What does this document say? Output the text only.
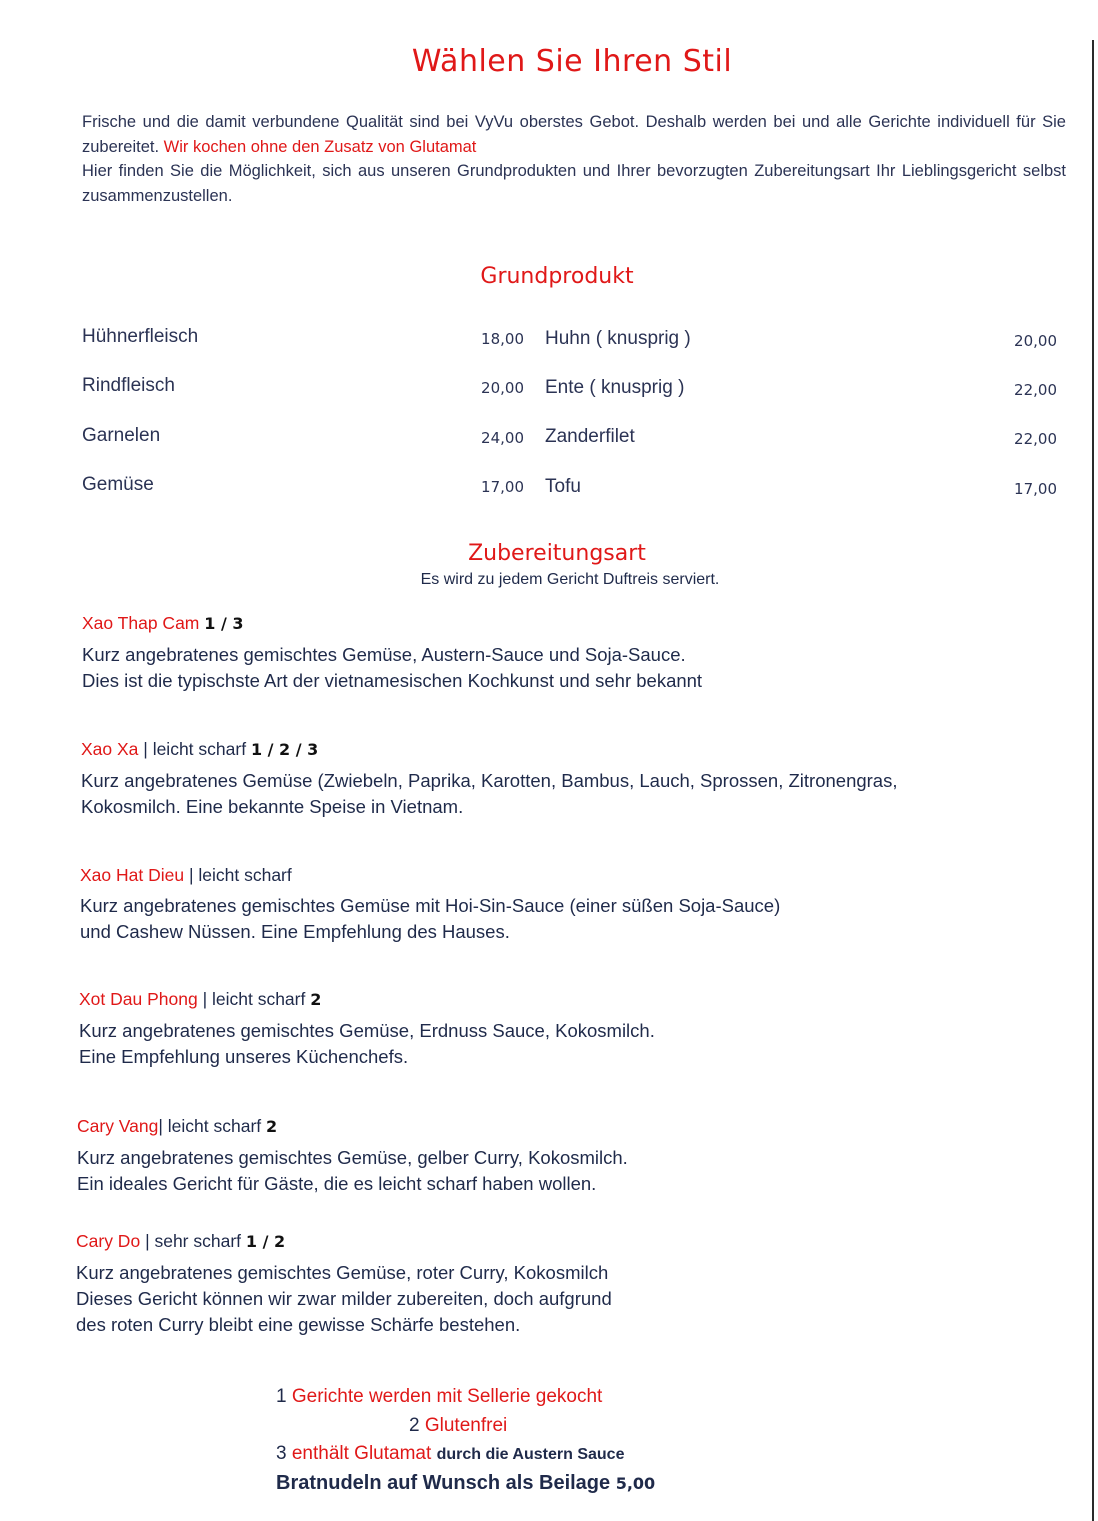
Wählen Sie Ihren Stil

Frische und die damit verbundene Qualität sind bei VyVu oberstes Gebot. Deshalb werden bei und alle Gerichte individuell für Sie zubereitet. Wir kochen ohne den Zusatz von Glutamat

Hier finden Sie die Möglichkeit, sich aus unseren Grundprodukten und Ihrer bevorzugten Zubereitungsart Ihr Lieblingsgericht selbst zusammenzustellen.

Grundprodukt
Hühnerfleisch	18,00
Rindfleisch	20,00
Garnelen	24,00
Gemüse	17,00
Huhn ( knusprig )	20,00
Ente ( knusprig )	22,00
Zanderfilet	22,00
Tofu	17,00
Zubereitungsart
Es wird zu jedem Gericht Duftreis serviert.
Xao Thap Cam 1 / 3
Kurz angebratenes gemischtes Gemüse, Austern-Sauce und Soja-Sauce.
Dies ist die typischste Art der vietnamesischen Kochkunst und sehr bekannt
Xao Xa | leicht scharf 1 / 2 / 3
Kurz angebratenes Gemüse (Zwiebeln, Paprika, Karotten, Bambus, Lauch, Sprossen, Zitronengras,
Kokosmilch. Eine bekannte Speise in Vietnam.
Xao Hat Dieu | leicht scharf
Kurz angebratenes gemischtes Gemüse mit Hoi-Sin-Sauce (einer süßen Soja-Sauce)
und Cashew Nüssen. Eine Empfehlung des Hauses.
Xot Dau Phong | leicht scharf 2
Kurz angebratenes gemischtes Gemüse, Erdnuss Sauce, Kokosmilch.
Eine Empfehlung unseres Küchenchefs.
Cary Vang| leicht scharf 2
Kurz angebratenes gemischtes Gemüse, gelber Curry, Kokosmilch.
Ein ideales Gericht für Gäste, die es leicht scharf haben wollen.
Cary Do | sehr scharf 1 / 2
Kurz angebratenes gemischtes Gemüse, roter Curry, Kokosmilch
Dieses Gericht können wir zwar milder zubereiten, doch aufgrund
des roten Curry bleibt eine gewisse Schärfe bestehen.
1 Gerichte werden mit Sellerie gekocht
2 Glutenfrei
3 enthält Glutamat durch die Austern Sauce
Bratnudeln auf Wunsch als Beilage 5,00
